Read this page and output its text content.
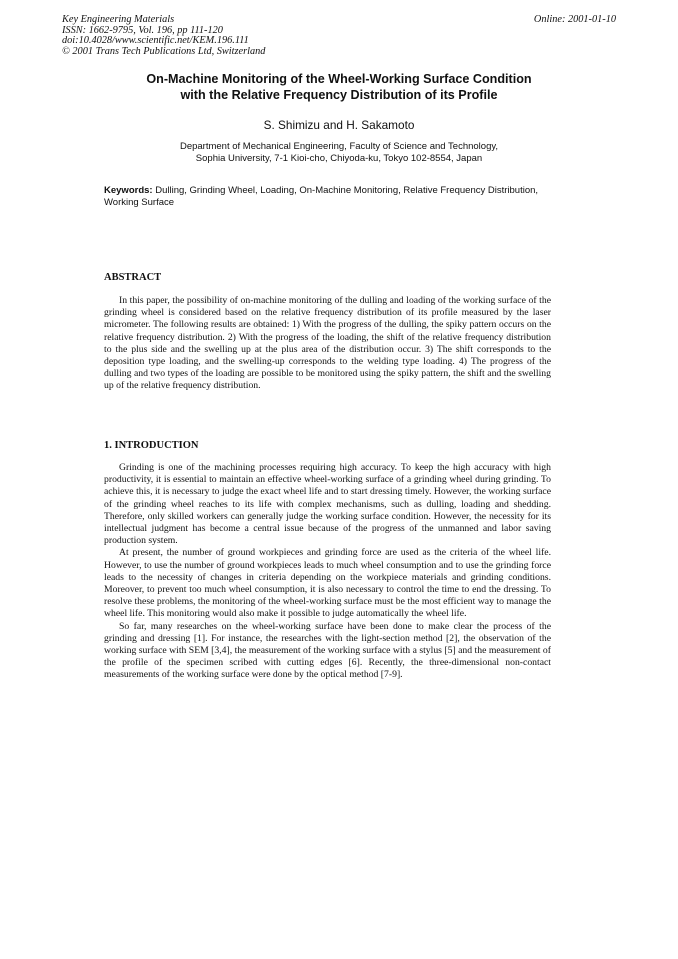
Key Engineering Materials
ISSN: 1662-9795, Vol. 196, pp 111-120
doi:10.4028/www.scientific.net/KEM.196.111
© 2001 Trans Tech Publications Ltd, Switzerland
Online: 2001-01-10
On-Machine Monitoring of the Wheel-Working Surface Condition
with the Relative Frequency Distribution of its Profile
S. Shimizu and H. Sakamoto
Department of Mechanical Engineering, Faculty of Science and Technology,
Sophia University, 7-1 Kioi-cho, Chiyoda-ku, Tokyo 102-8554, Japan
Keywords: Dulling, Grinding Wheel, Loading, On-Machine Monitoring, Relative Frequency Distribution, Working Surface
ABSTRACT

In this paper, the possibility of on-machine monitoring of the dulling and loading of the working surface of the grinding wheel is considered based on the relative frequency distribution of its profile measured by the laser micrometer. The following results are obtained: 1) With the progress of the dulling, the spiky pattern occurs on the relative frequency distribution. 2) With the progress of the loading, the shift of the relative frequency distribution to the plus side and the swelling up at the plus area of the distribution occur. 3) The shift corresponds to the deposition type loading, and the swelling-up corresponds to the welding type loading. 4) The progress of the dulling and two types of the loading are possible to be monitored using the spiky pattern, the shift and the swelling up of the relative frequency distribution.

1. INTRODUCTION

Grinding is one of the machining processes requiring high accuracy. To keep the high accuracy with high productivity, it is essential to maintain an effective wheel-working surface of a grinding wheel during grinding. To achieve this, it is necessary to judge the exact wheel life and to start dressing timely. However, the working surface of the grinding wheel reaches to its life with complex mechanisms, such as dulling, loading and shedding. Therefore, only skilled workers can generally judge the working surface condition. However, the necessity for its intellectual judgment has become a central issue because of the progress of the unmanned and labor saving production system.

At present, the number of ground workpieces and grinding force are used as the criteria of the wheel life. However, to use the number of ground workpieces leads to much wheel consumption and to use the grinding force leads to the necessity of changes in criteria depending on the workpiece materials and grinding conditions. Moreover, to prevent too much wheel consumption, it is also necessary to control the time to end the dressing. To resolve these problems, the monitoring of the wheel-working surface must be the most efficient way to manage the wheel life. This monitoring would also make it possible to judge automatically the wheel life.

So far, many researches on the wheel-working surface have been done to make clear the process of the grinding and dressing [1]. For instance, the researches with the light-section method [2], the observation of the working surface with SEM [3,4], the measurement of the working surface with a stylus [5] and the measurement of the profile of the specimen scribed with cutting edges [6]. Recently, the three-dimensional non-contact measurements of the working surface were done by the optical method [7-9].
